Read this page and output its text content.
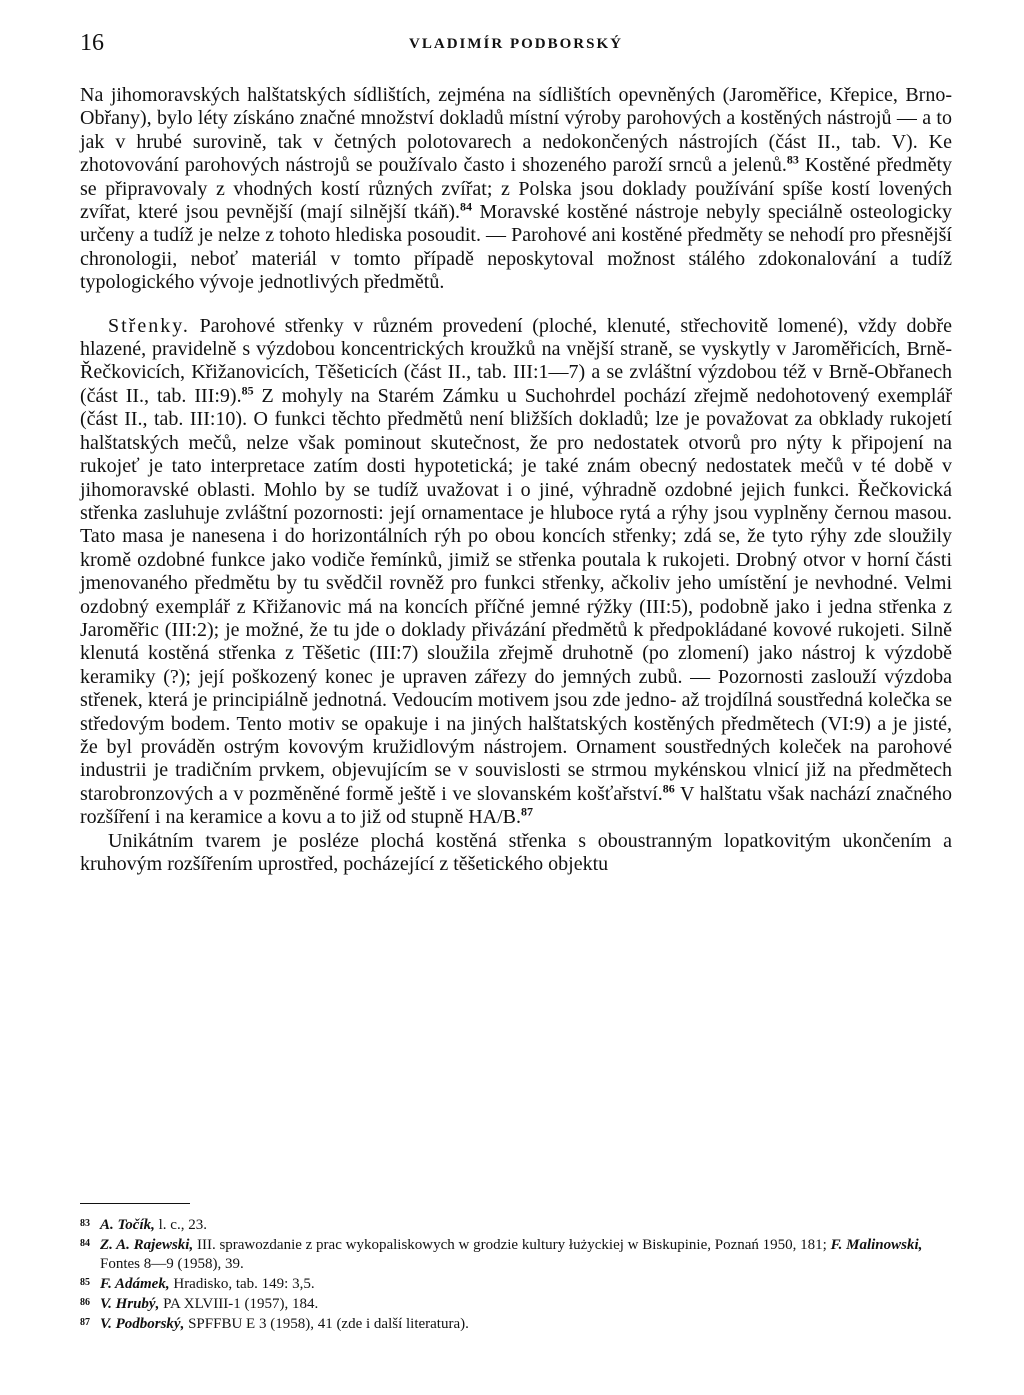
16	VLADIMÍR PODBORSKÝ

Na jihomoravských halštatských sídlištích, zejména na sídlištích opevněných (Jaroměřice, Křepice, Brno-Obřany), bylo léty získáno značné množství dokladů místní výroby parohových a kostěných nástrojů — a to jak v hrubé surovině, tak v četných polotovarech a nedokončených nástrojích (část II., tab. V). Ke zhotovování parohových nástrojů se používalo často i shozeného paroží srnců a jelenů.$^{83}$ Kostěné předměty se připravovaly z vhodných kostí různých zvířat; z Polska jsou doklady používání spíše kostí lovených zvířat, které jsou pevnější (mají silnější tkáň).$^{84}$ Moravské kostěné nástroje nebyly speciálně osteologicky určeny a tudíž je nelze z tohoto hlediska posoudit. — Parohové ani kostěné předměty se nehodí pro přesnější chronologii, neboť materiál v tomto případě neposkytoval možnost stálého zdokonalování a tudíž typologického vývoje jednotlivých předmětů.

Střenky. Parohové střenky v různém provedení (ploché, klenuté, střechovitě lomené), vždy dobře hlazené, pravidelně s výzdobou koncentrických kroužků na vnější straně, se vyskytly v Jaroměřicích, Brně-Řečkovicích, Křižanovicích, Těšeticích (část II., tab. III:1—7) a se zvláštní výzdobou též v Brně-Obřanech (část II., tab. III:9).$^{85}$ Z mohyly na Starém Zámku u Suchohrdel pochází zřejmě nedohotovený exemplář (část II., tab. III:10). O funkci těchto předmětů není bližších dokladů; lze je považovat za obklady rukojetí halštatských mečů, nelze však pominout skutečnost, že pro nedostatek otvorů pro nýty k připojení na rukojeť je tato interpretace zatím dosti hypotetická; je také znám obecný nedostatek mečů v té době v jihomoravské oblasti. Mohlo by se tudíž uvažovat i o jiné, výhradně ozdobné jejich funkci. Řečkovická střenka zasluhuje zvláštní pozornosti: její ornamentace je hluboce rytá a rýhy jsou vyplněny černou masou. Tato masa je nanesena i do horizontálních rýh po obou koncích střenky; zdá se, že tyto rýhy zde sloužily kromě ozdobné funkce jako vodiče řemínků, jimiž se střenka poutala k rukojeti. Drobný otvor v horní části jmenovaného předmětu by tu svědčil rovněž pro funkci střenky, ačkoliv jeho umístění je nevhodné. Velmi ozdobný exemplář z Křižanovic má na koncích příčné jemné rýžky (III:5), podobně jako i jedna střenka z Jaroměřic (III:2); je možné, že tu jde o doklady přivázání předmětů k předpokládané kovové rukojeti. Silně klenutá kostěná střenka z Těšetic (III:7) sloužila zřejmě druhotně (po zlomení) jako nástroj k výzdobě keramiky (?); její poškozený konec je upraven zářezy do jemných zubů. — Pozornosti zaslouží výzdoba střenek, která je principiálně jednotná. Vedoucím motivem jsou zde jedno- až trojdílná soustředná kolečka se středovým bodem. Tento motiv se opakuje i na jiných halštatských kostěných předmětech (VI:9) a je jisté, že byl prováděn ostrým kovovým kružidlovým nástrojem. Ornament soustředných koleček na parohové industrii je tradičním prvkem, objevujícím se v souvislosti se strmou mykénskou vlnicí již na předmětech starobronzových a v pozměněné formě ještě i ve slovanském košťařství.$^{86}$ V halštatu však nachází značného rozšíření i na keramice a kovu a to již od stupně HA/B.$^{87}$

Unikátním tvarem je posléze plochá kostěná střenka s oboustranným lopatkovitým ukončením a kruhovým rozšířením uprostřed, pocházející z těšetického objektu

83 A. Točík, l. c., 23.

84 Z. A. Rajewski, III. sprawozdanie z prac wykopaliskowych w grodzie kultury łużyckiej w Biskupinie, Poznań 1950, 181; F. Malinowski, Fontes 8—9 (1958), 39.

85 F. Adámek, Hradisko, tab. 149: 3,5.

86 V. Hrubý, PA XLVIII-1 (1957), 184.

87 V. Podborský, SPFFBU E 3 (1958), 41 (zde i další literatura).
